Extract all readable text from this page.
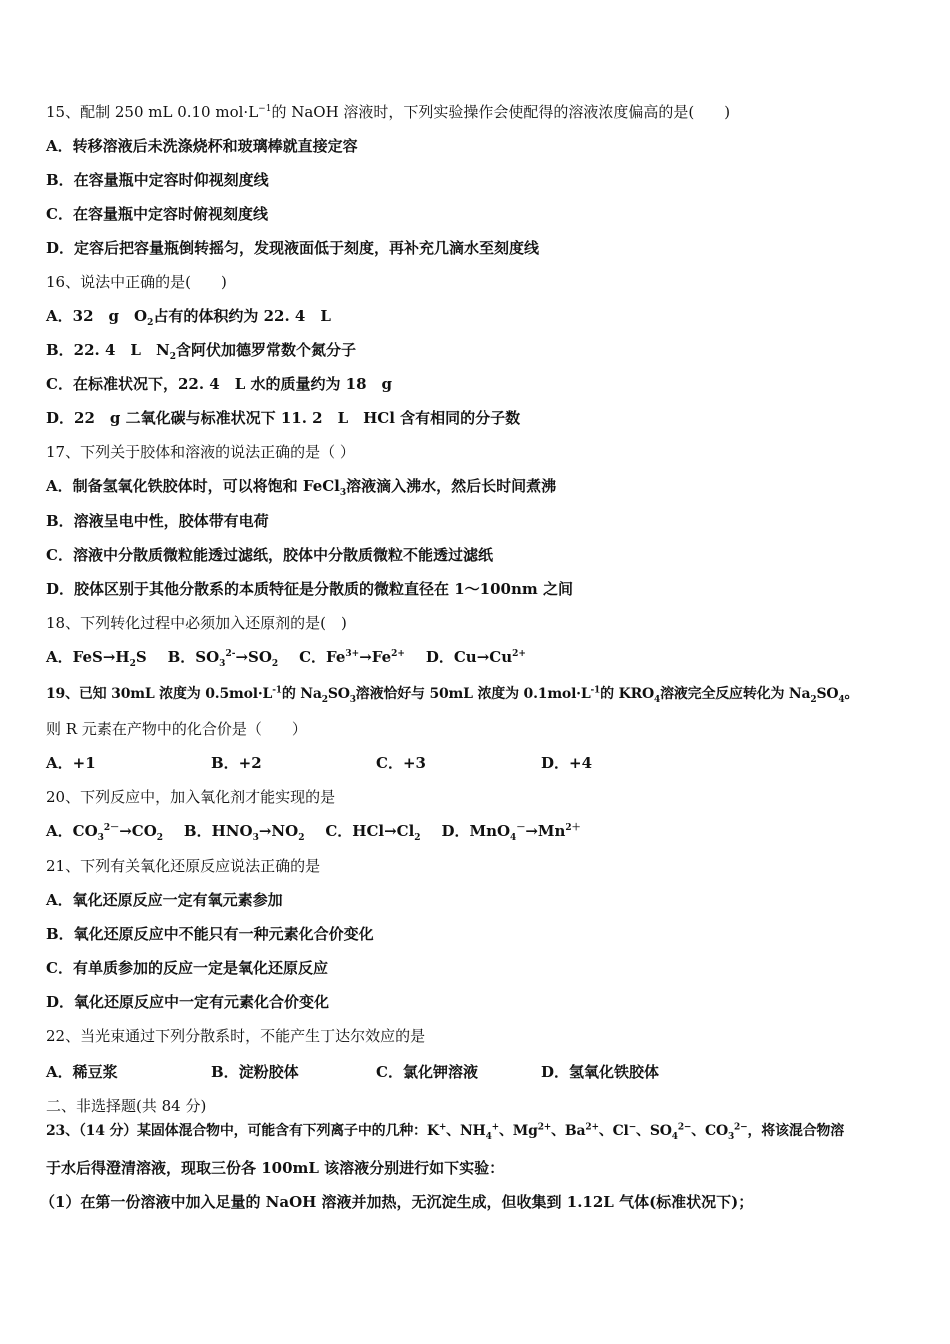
15、配制 250 mL 0.10 $mol\cdot L^{-1}$的 NaOH 溶液时，下列实验操作会使配得的溶液浓度偏高的是(　　)
A．转移溶液后未洗涤烧杯和玻璃棒就直接定容
B．在容量瓶中定容时仰视刻度线
C．在容量瓶中定容时俯视刻度线
D．定容后把容量瓶倒转摇匀，发现液面低于刻度，再补充几滴水至刻度线
16、说法中正确的是(　　)
A．32　g　$O_2$占有的体积约为 22. 4　L
B．22. 4　L　$N_2$含阿伏加德罗常数个氮分子
C．在标准状况下，22. 4　L 水的质量约为 18　g
D．22　g 二氧化碳与标准状况下 11. 2　L　HCl 含有相同的分子数
17、下列关于胶体和溶液的说法正确的是（ ）
A．制备氢氧化铁胶体时，可以将饱和 FeCl$_3$溶液滴入沸水，然后长时间煮沸
B．溶液呈电中性，胶体带有电荷
C．溶液中分散质微粒能透过滤纸，胶体中分散质微粒不能透过滤纸
D．胶体区别于其他分散系的本质特征是分散质的微粒直径在 1～100nm 之间
18、下列转化过程中必须加入还原剂的是(　)
A．$FeS\to H_2S$ B．$SO_3^{2-}\to SO_2$ C．$Fe^{3+}\to Fe^{2+}$ D．$Cu\to Cu^{2+}$
19、已知 30mL 浓度为 $0.5mol\cdot L^{-1}$的 $Na_2SO_3$溶液恰好与 50mL 浓度为 $0.1mol\cdot L^{-1}$的 $KRO_4$溶液完全反应转化为 $Na_2SO_4$。
则 R 元素在产物中的化合价是（　　）
A．+1	B．+2	C．+3	D．+4
20、下列反应中，加入氧化剂才能实现的是
A．$CO_3^{2-}\to CO_2$ B．$HNO_3\to NO_2$ C．$HCl\to Cl_2$ D．$MnO_4^-\to Mn^{2+}$
21、下列有关氧化还原反应说法正确的是
A．氧化还原反应一定有氧元素参加
B．氧化还原反应中不能只有一种元素化合价变化
C．有单质参加的反应一定是氧化还原反应
D．氧化还原反应中一定有元素化合价变化
22、当光束通过下列分散系时，不能产生丁达尔效应的是
A．稀豆浆	B．淀粉胶体	C．氯化钾溶液	D．氢氧化铁胶体
二、非选择题(共 84 分)
23、（14 分）某固体混合物中，可能含有下列离子中的几种：K+、$NH_4^+$、$Mg^{2+}$、$Ba^{2+}$、Cl−、$SO_4^{2-}$、$CO_3^{2-}$，将该混合物溶
于水后得澄清溶液，现取三份各 100mL 该溶液分别进行如下实验：
（1）在第一份溶液中加入足量的 NaOH 溶液并加热，无沉淀生成，但收集到 1.12L 气体(标准状况下)；
